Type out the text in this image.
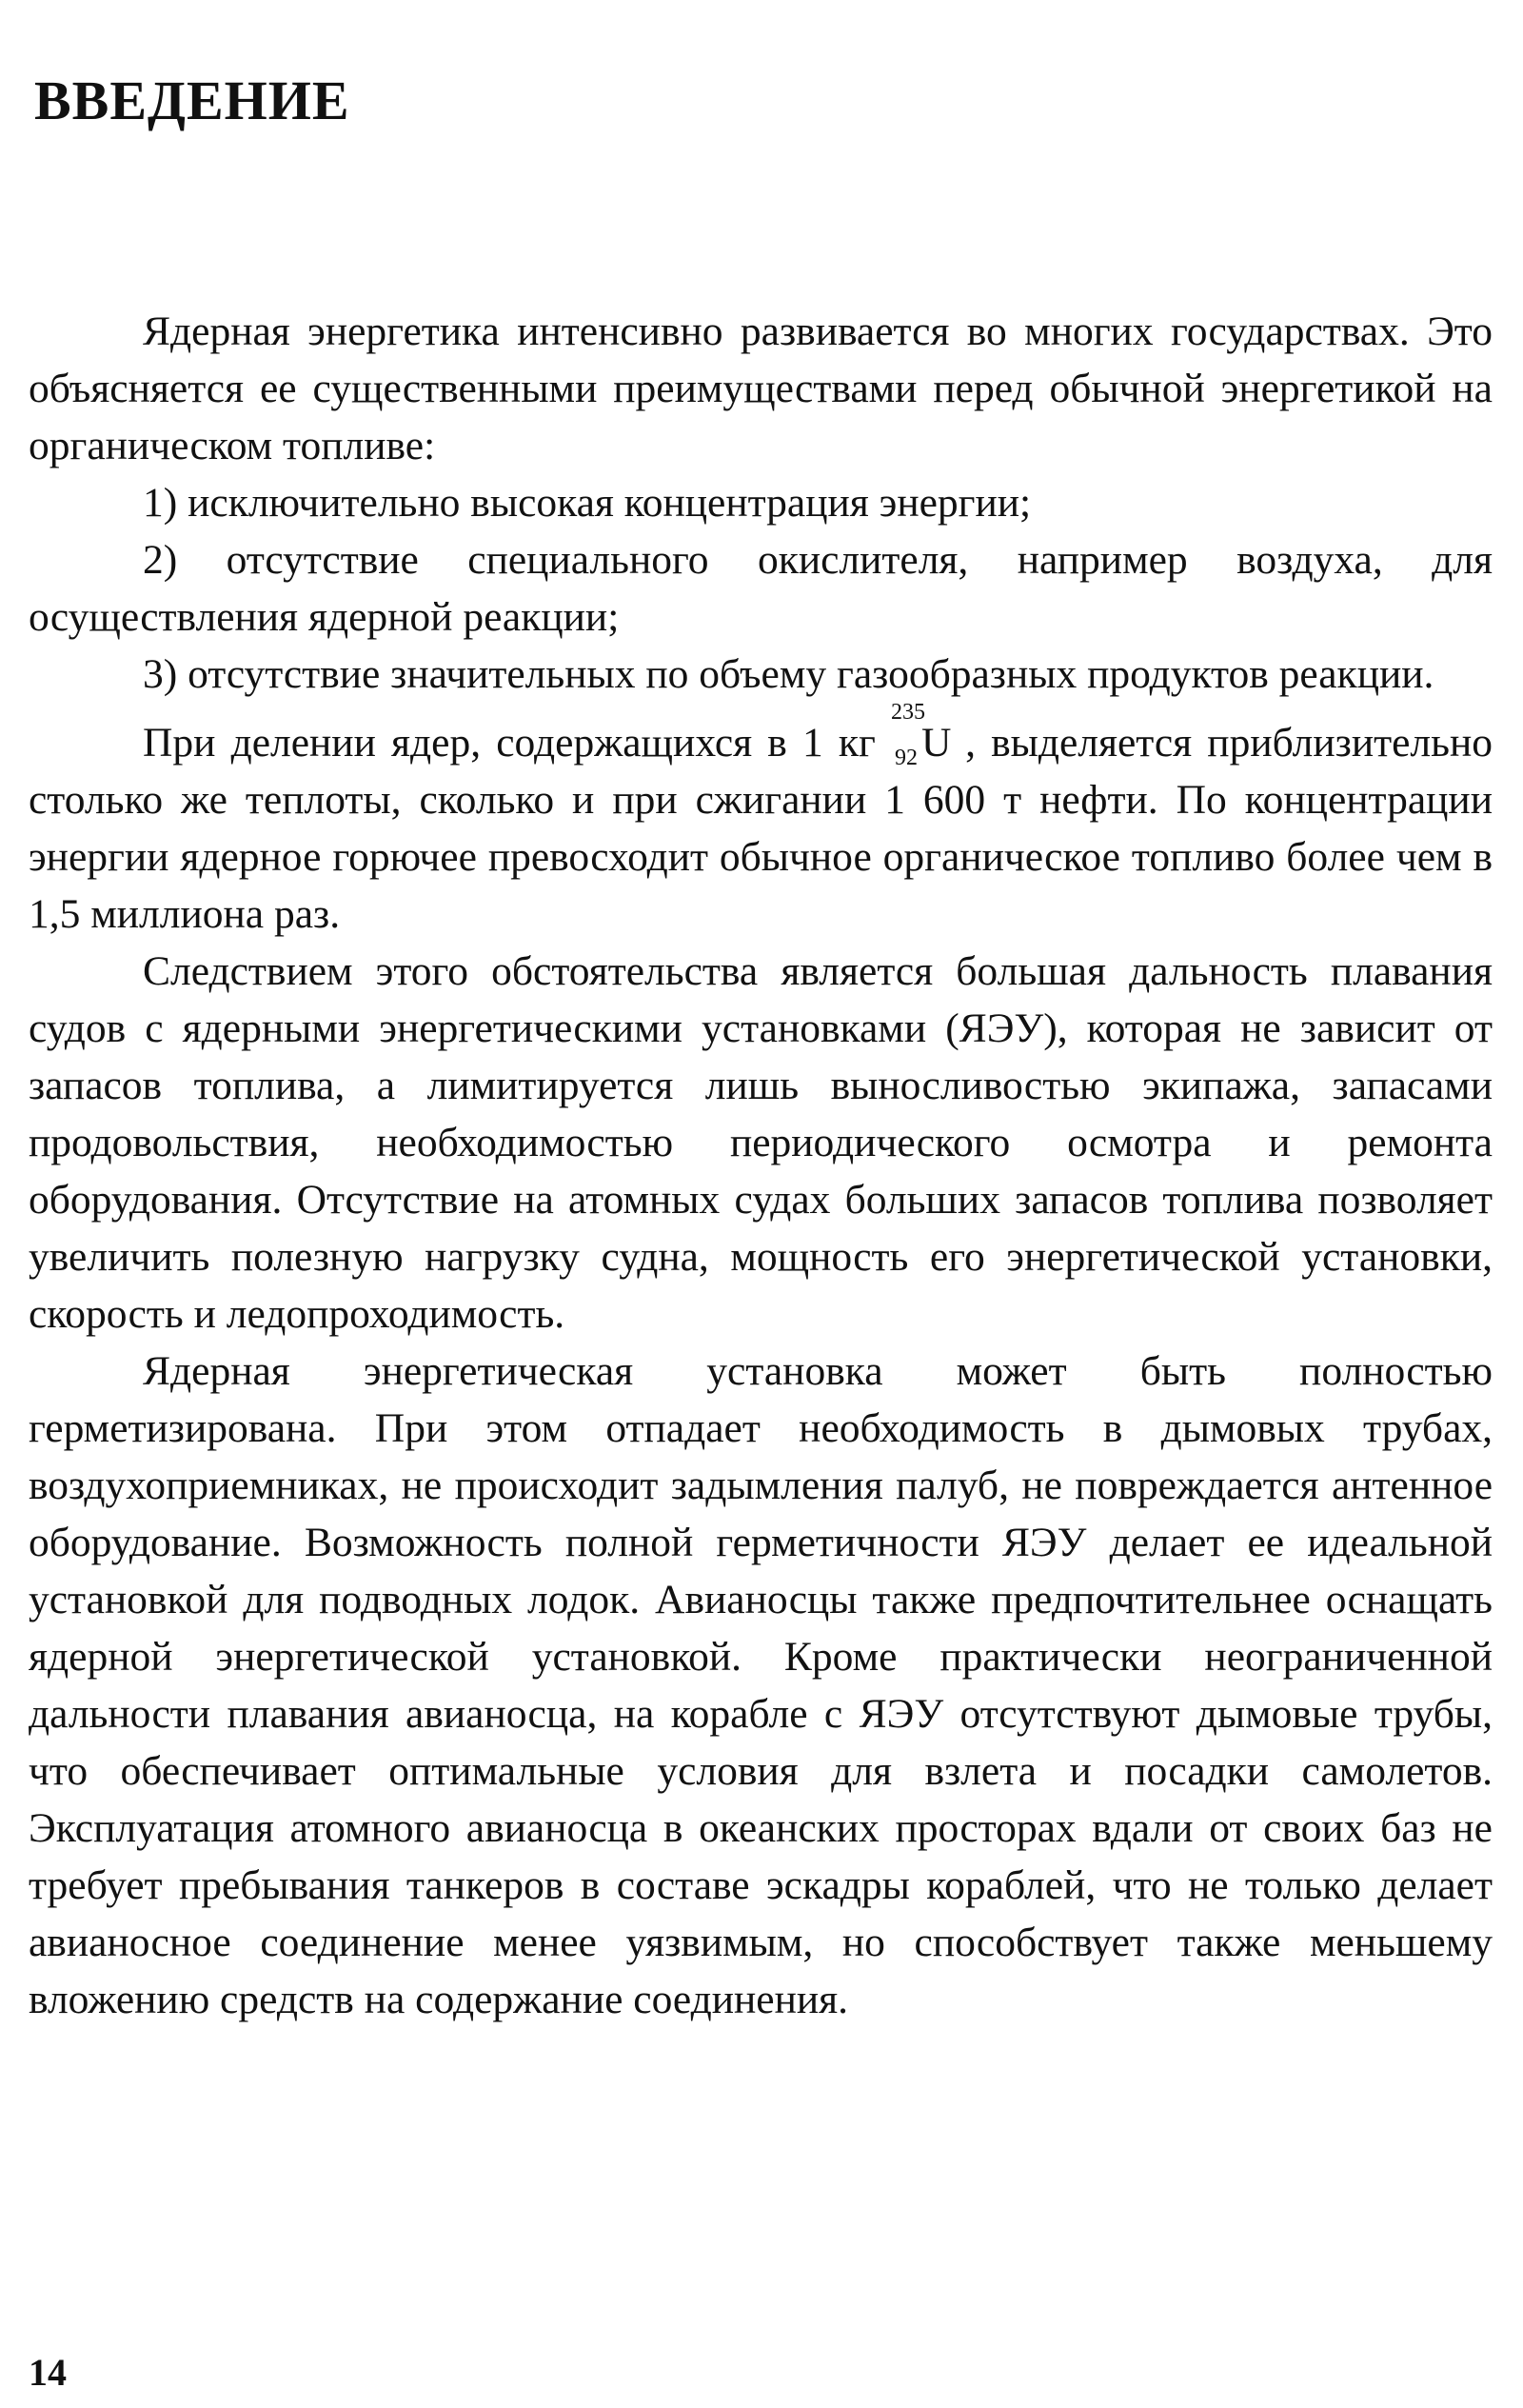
ВВЕДЕНИЕ

Ядерная энергетика интенсивно развивается во многих государствах. Это объясняется ее существенными преимуществами перед обычной энергетикой на органическом топливе:

1) исключительно высокая концентрация энергии;

2) отсутствие специального окислителя, например воздуха, для осуществления ядерной реакции;

3) отсутствие значительных по объему газообразных продуктов реакции.

При делении ядер, содержащихся в 1 кг
235
92 U , выделяется приблизительно столько же теплоты, сколько и при сжигании 1 600 т нефти. По концентрации энергии ядерное горючее превосходит обычное органическое топливо более чем в 1,5 миллиона раз.

Следствием этого обстоятельства является большая дальность плавания судов с ядерными энергетическими установками (ЯЭУ), которая не зависит от запасов топлива, а лимитируется лишь выносливостью экипажа, запасами продовольствия, необходимостью периодического осмотра и ремонта оборудования. Отсутствие на атомных судах больших запасов топлива позволяет увеличить полезную нагрузку судна, мощность его энергетической установки, скорость и ледопроходимость.

Ядерная энергетическая установка может быть полностью герметизирована. При этом отпадает необходимость в дымовых трубах, воздухоприемниках, не происходит задымления палуб, не повреждается антенное оборудование. Возможность полной герметичности ЯЭУ делает ее идеальной установкой для подводных лодок. Авианосцы также предпочтительнее оснащать ядерной энергетической установкой. Кроме практически неограниченной дальности плавания авианосца, на корабле с ЯЭУ отсутствуют дымовые трубы, что обеспечивает оптимальные условия для взлета и посадки самолетов. Эксплуатация атомного авианосца в океанских просторах вдали от своих баз не требует пребывания танкеров в составе эскадры кораблей, что не только делает авианосное соединение менее уязвимым, но способствует также меньшему вложению средств на содержание соединения.

14
